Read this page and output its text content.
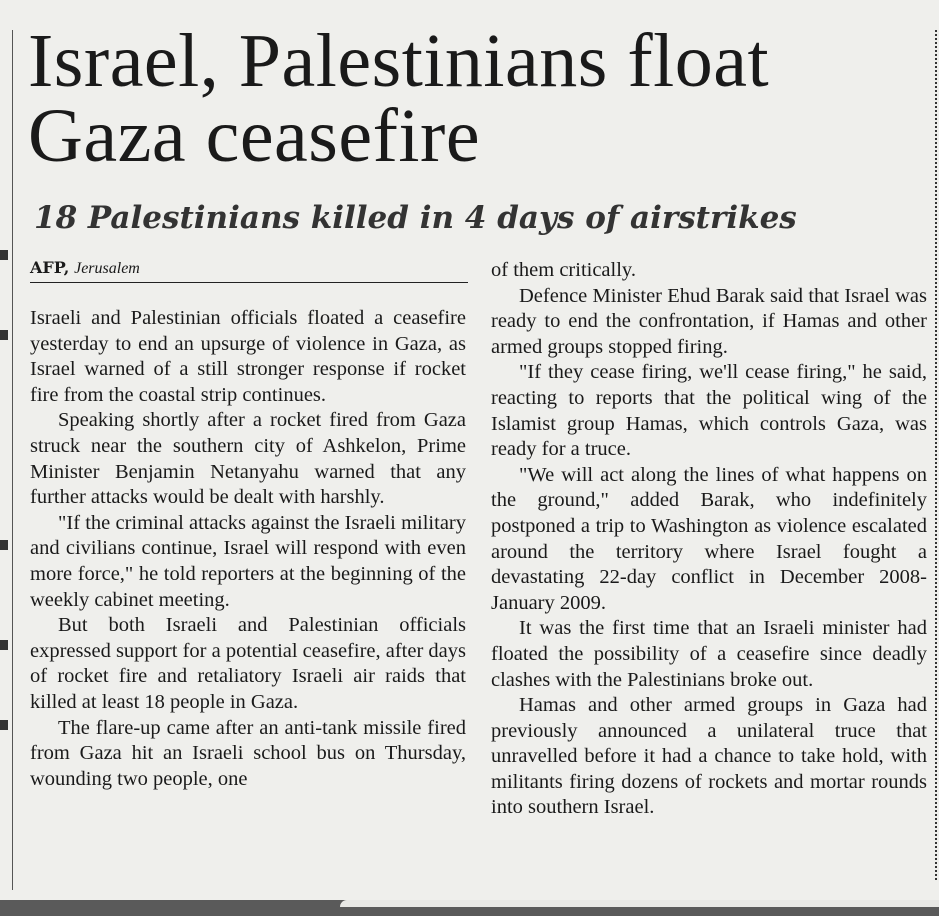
Israel, Palestinians float
Gaza ceasefire
18 Palestinians killed in 4 days of airstrikes
AFP, Jerusalem

Israeli and Palestinian officials floated a ceasefire yesterday to end an upsurge of violence in Gaza, as Israel warned of a still stronger response if rocket fire from the coastal strip continues.

Speaking shortly after a rocket fired from Gaza struck near the southern city of Ashkelon, Prime Minister Benjamin Netanyahu warned that any further attacks would be dealt with harshly.

"If the criminal attacks against the Israeli military and civilians continue, Israel will respond with even more force," he told reporters at the beginning of the weekly cabinet meeting.

But both Israeli and Palestinian officials expressed support for a potential ceasefire, after days of rocket fire and retaliatory Israeli air raids that killed at least 18 people in Gaza.

The flare-up came after an anti-tank missile fired from Gaza hit an Israeli school bus on Thursday, wounding two people, one

of them critically.

Defence Minister Ehud Barak said that Israel was ready to end the confrontation, if Hamas and other armed groups stopped firing.

"If they cease firing, we'll cease firing," he said, reacting to reports that the political wing of the Islamist group Hamas, which controls Gaza, was ready for a truce.

"We will act along the lines of what happens on the ground," added Barak, who indefinitely postponed a trip to Washington as violence escalated around the territory where Israel fought a devastating 22-day conflict in December 2008-January 2009.

It was the first time that an Israeli minister had floated the possibility of a ceasefire since deadly clashes with the Palestinians broke out.

Hamas and other armed groups in Gaza had previously announced a unilateral truce that unravelled before it had a chance to take hold, with militants firing dozens of rockets and mortar rounds into southern Israel.
